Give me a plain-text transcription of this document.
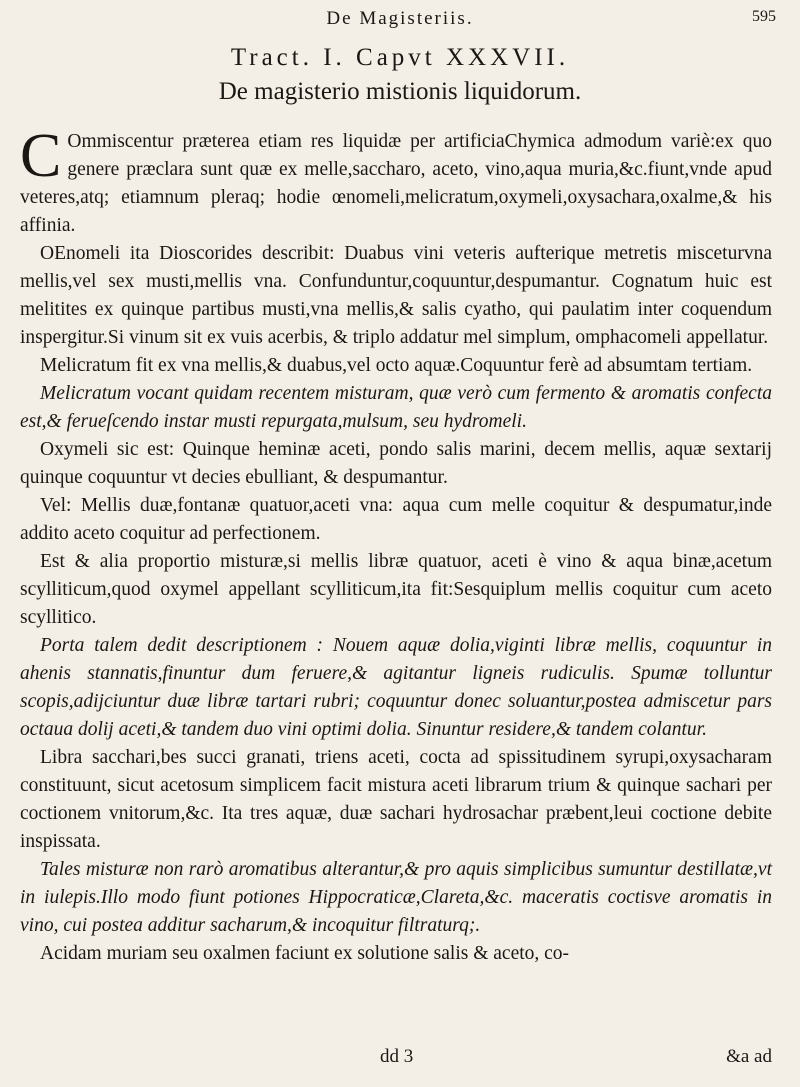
De Magisteriis.	595
Tract. I. Capvt XXXVII.
De magisterio mistionis liquidorum.

C Ommiscentur præterea etiam res liquidæ per artificiaChymica admodum variè:ex quo genere præclara sunt quæ ex melle,saccharo, aceto, vino,aqua muria,&c.fiunt,vnde apud veteres,atq; etiamnum pleraq; hodie œnomeli,melicratum,oxymeli,oxysachara,oxalme,& his affinia.

OEnomeli ita Dioscorides describit: Duabus vini veteris aufterique metretis misceturvna mellis,vel sex musti,mellis vna. Confunduntur,coquuntur,despumantur. Cognatum huic est melitites ex quinque partibus musti,vna mellis,& salis cyatho, qui paulatim inter coquendum inspergitur.Si vinum sit ex vuis acerbis, & triplo addatur mel simplum, omphacomeli appellatur.

Melicratum fit ex vna mellis,& duabus,vel octo aquæ.Coquuntur ferè ad absumtam tertiam.

Melicratum vocant quidam recentem misturam, quæ verò cum fermento & aromatis confecta est,& ferueſcendo instar musti repurgata,mulsum, seu hydromeli.

Oxymeli sic est: Quinque heminæ aceti, pondo salis marini, decem mellis, aquæ sextarij quinque coquuntur vt decies ebulliant, & despumantur.

Vel: Mellis duæ,fontanæ quatuor,aceti vna: aqua cum melle coquitur & despumatur,inde addito aceto coquitur ad perfectionem.

Est & alia proportio misturæ,si mellis libræ quatuor, aceti è vino & aqua binæ,acetum scylliticum,quod oxymel appellant scylliticum,ita fit:Sesquiplum mellis coquitur cum aceto scyllitico.

Porta talem dedit descriptionem : Nouem aquæ dolia,viginti libræ mellis, coquuntur in ahenis stannatis,finuntur dum feruere,& agitantur ligneis rudiculis. Spumæ tolluntur scopis,adijciuntur duæ libræ tartari rubri; coquuntur donec soluantur,postea admiscetur pars octaua dolij aceti,& tandem duo vini optimi dolia. Sinuntur residere,& tandem colantur.

Libra sacchari,bes succi granati, triens aceti, cocta ad spissitudinem syrupi,oxysacharam constituunt, sicut acetosum simplicem facit mistura aceti librarum trium & quinque sachari per coctionem vnitorum,&c. Ita tres aquæ, duæ sachari hydrosachar præbent,leui coctione debite inspissata.

Tales misturæ non rarò aromatibus alterantur,& pro aquis simplicibus sumuntur destillatæ,vt in iulepis.Illo modo fiunt potiones Hippocraticæ,Clareta,&c. maceratis coctisve aromatis in vino, cui postea additur sacharum,& incoquitur filtraturq;.

Acidam muriam seu oxalmen faciunt ex solutione salis & aceto, co-

dd 3	&a ad
